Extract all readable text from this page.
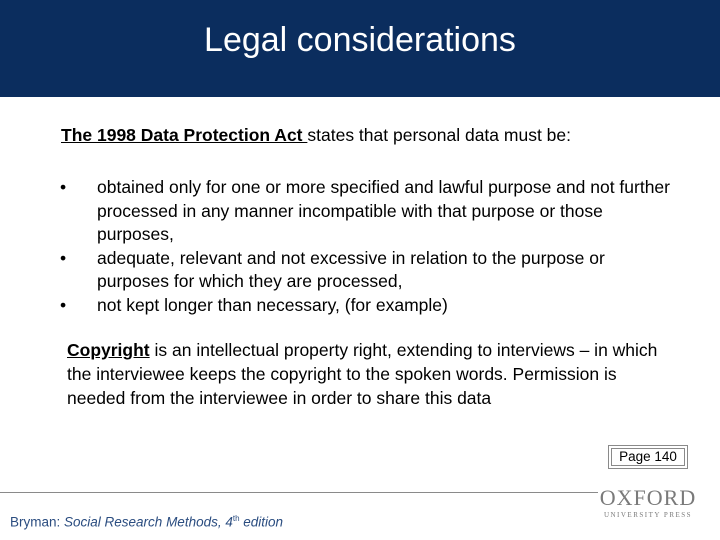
Legal considerations
The 1998 Data Protection Act states that personal data must be:
•	obtained only for one or more specified and lawful purpose and not further processed in any manner incompatible with that purpose or those purposes,
•	adequate, relevant and not excessive in relation to the purpose or purposes for which they are processed,
•	not kept longer than necessary, (for example)
Copyright is an intellectual property right, extending to interviews – in which the interviewee keeps the copyright to the spoken words. Permission is needed from the interviewee in order to share this data
Page 140
Bryman: Social Research Methods, 4th edition
OXFORD
UNIVERSITY PRESS
